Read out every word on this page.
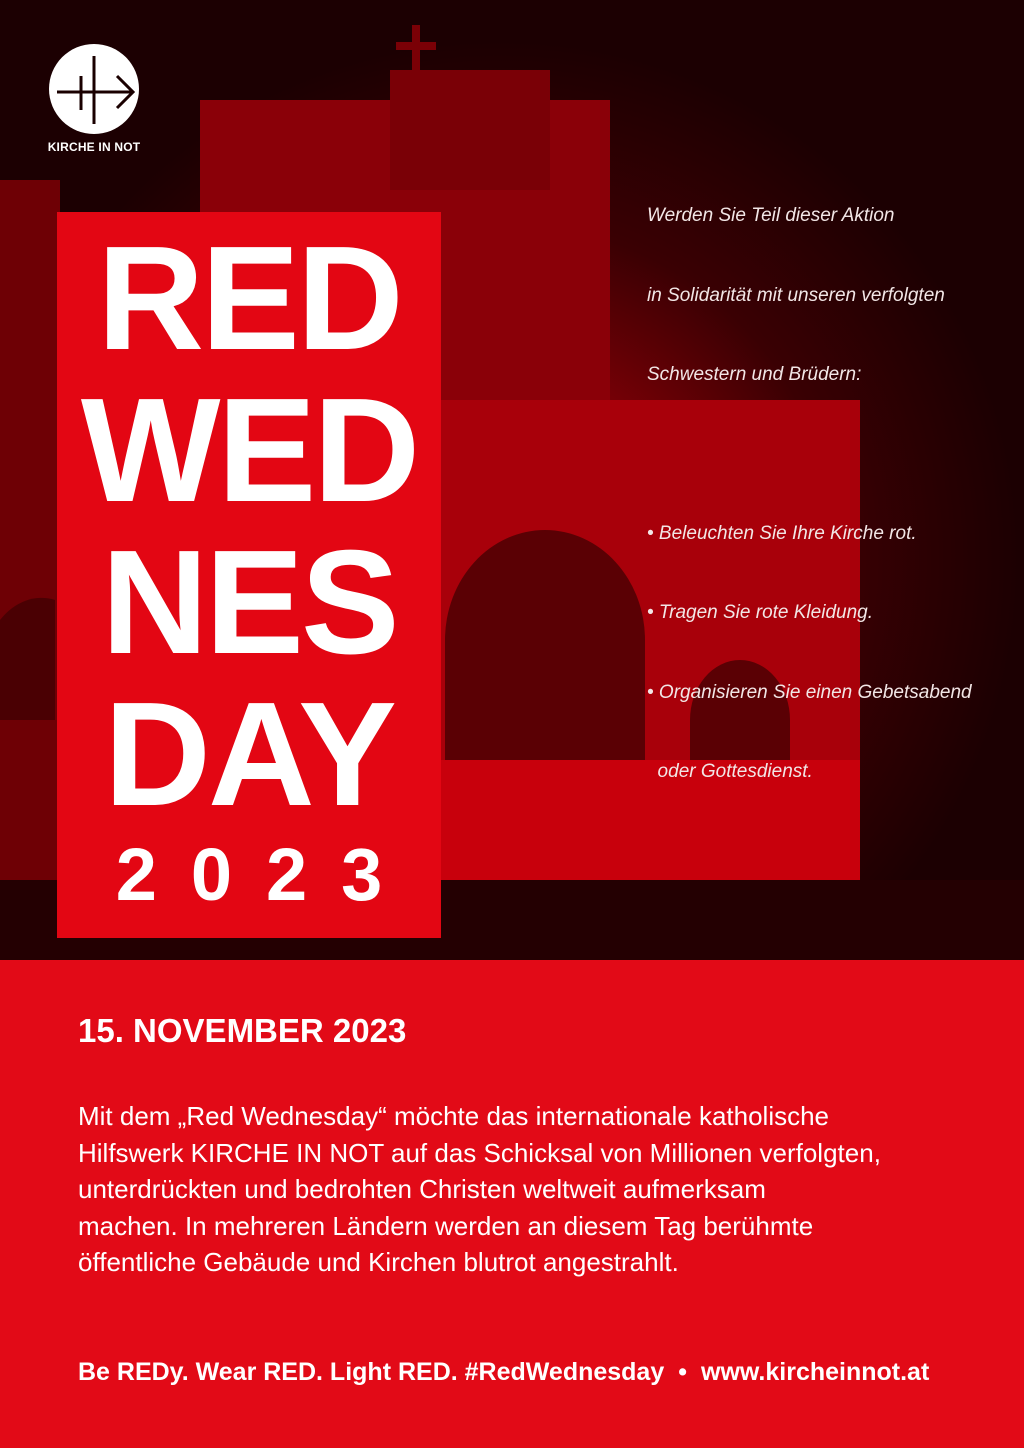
KIRCHE IN NOT

Werden Sie Teil dieser Aktion

in Solidarität mit unseren verfolgten

Schwestern und Brüdern:

• Beleuchten Sie Ihre Kirche rot.

• Tragen Sie rote Kleidung.

• Organisieren Sie einen Gebetsabend

oder Gottesdienst.

RED
WED
NES
DAY
2023
15. NOVEMBER 2023
Mit dem „Red Wednesday“ möchte das internationale katholische
Hilfswerk KIRCHE IN NOT auf das Schicksal von Millionen verfolgten,
unterdrückten und bedrohten Christen weltweit aufmerksam
machen. In mehreren Ländern werden an diesem Tag berühmte
öffentliche Gebäude und Kirchen blutrot angestrahlt.
Be REDy. Wear RED. Light RED. #RedWednesday • www.kircheinnot.at
